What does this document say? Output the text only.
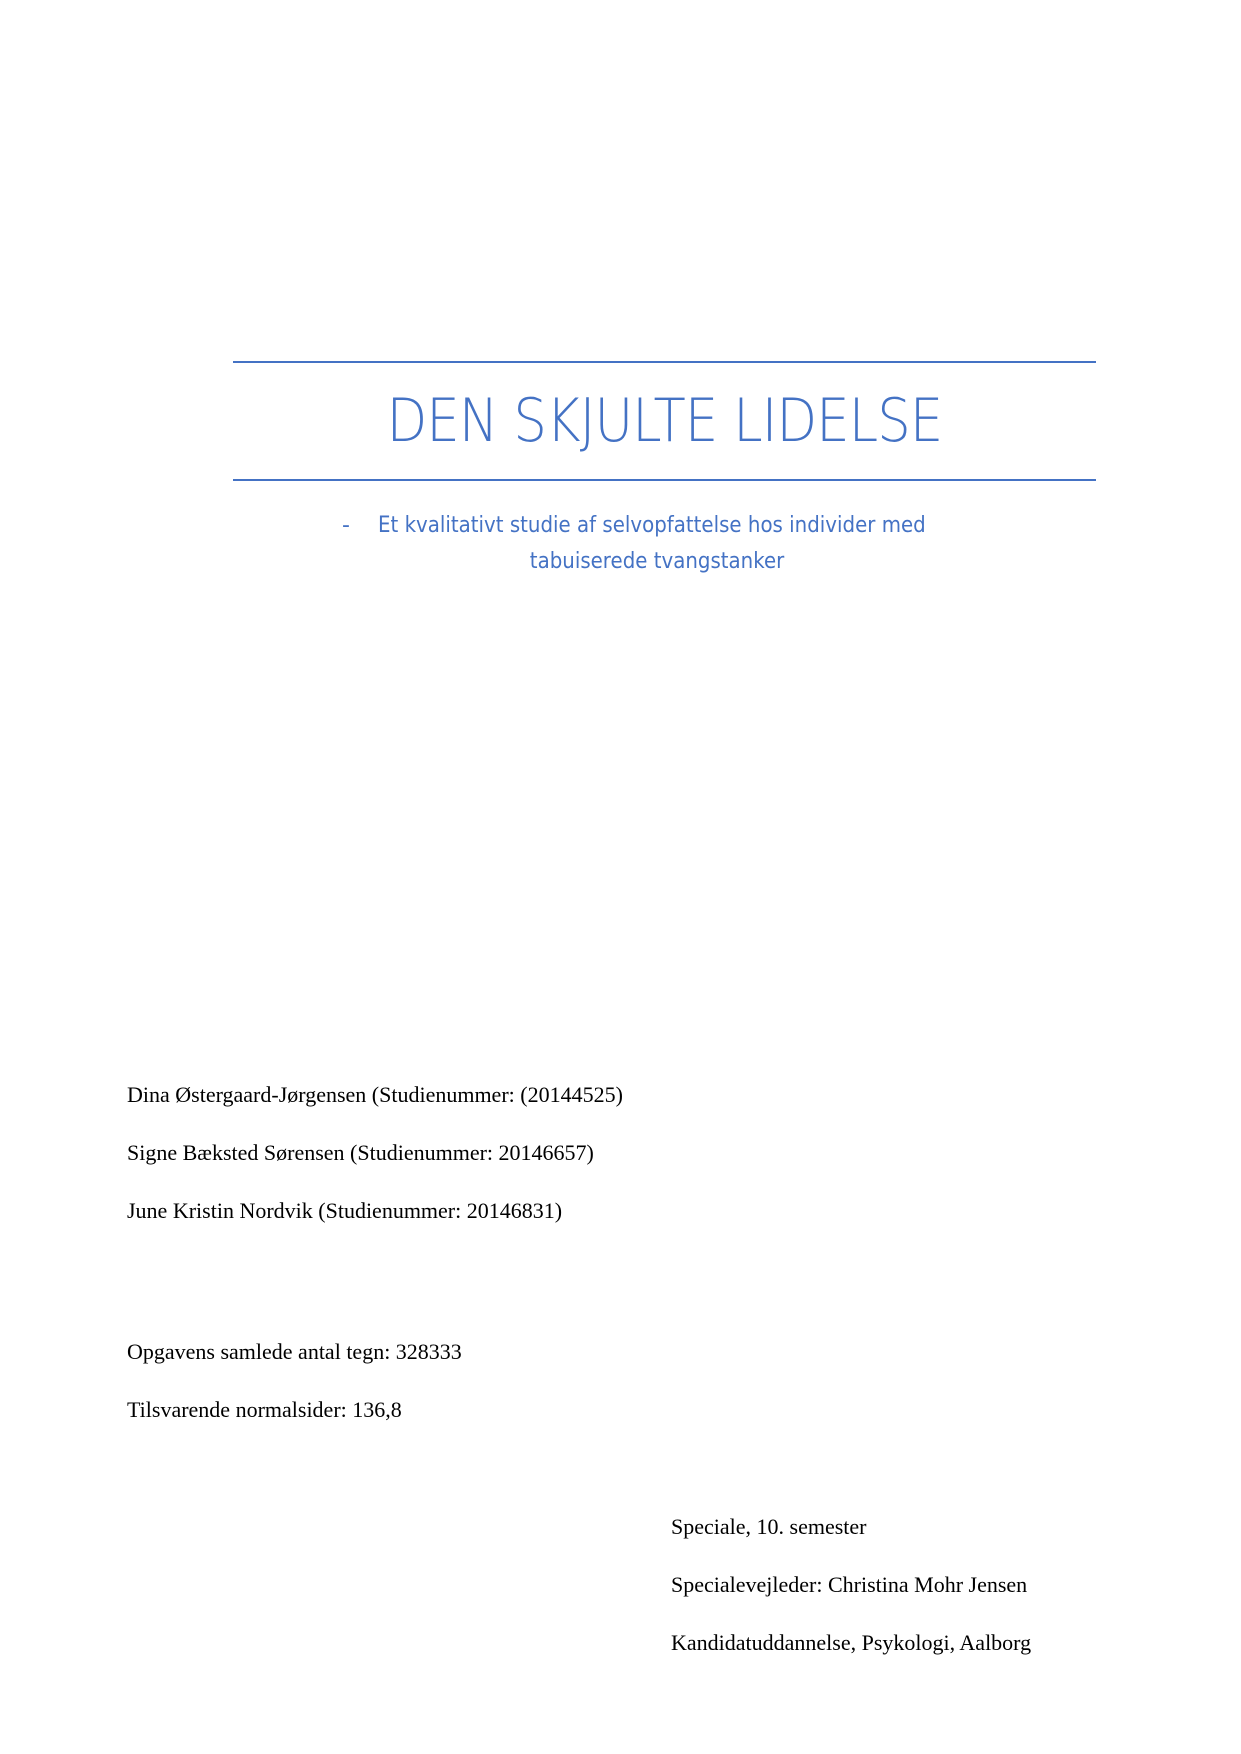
DEN SKJULTE LIDELSE
-	Et kvalitativt studie af selvopfattelse hos individer med
tabuiserede tvangstanker
Dina Østergaard-Jørgensen (Studienummer: (20144525)
Signe Bæksted Sørensen (Studienummer: 20146657)
June Kristin Nordvik (Studienummer: 20146831)
Opgavens samlede antal tegn: 328333
Tilsvarende normalsider: 136,8
Speciale, 10. semester
Specialevejleder: Christina Mohr Jensen
Kandidatuddannelse, Psykologi, Aalborg
